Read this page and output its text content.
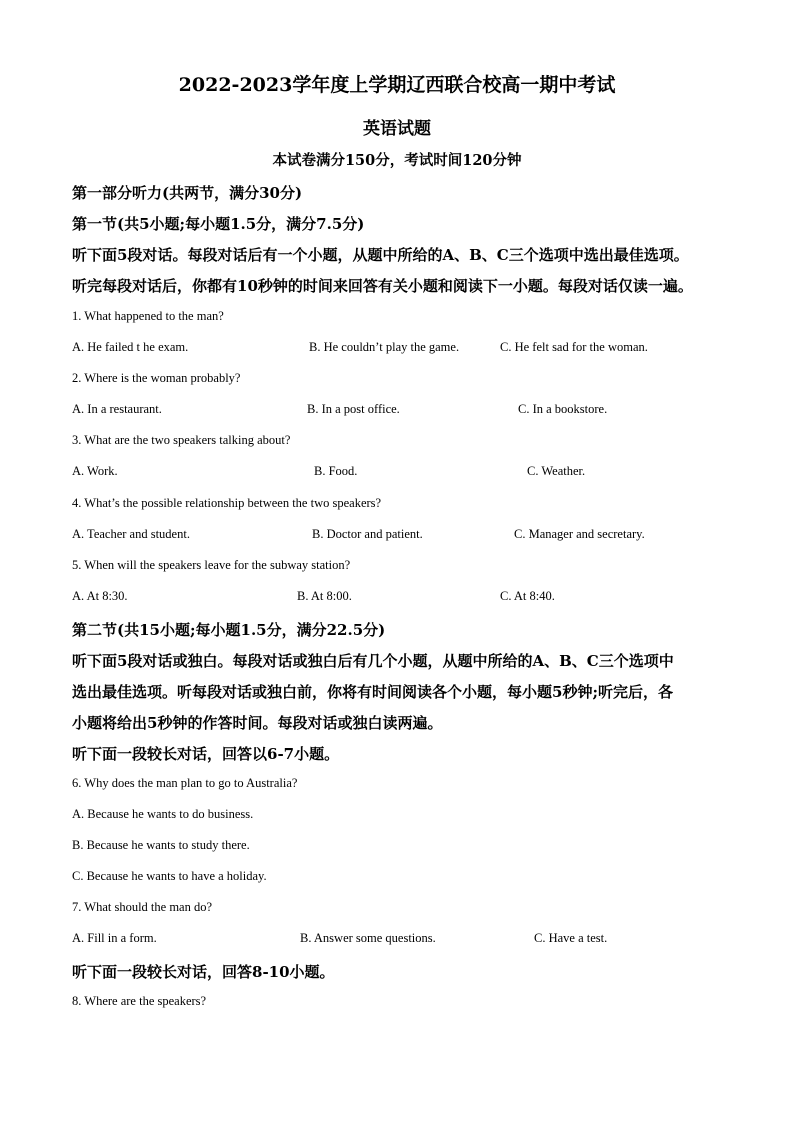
2022-2023学年度上学期辽西联合校高一期中考试
英语试题
本试卷满分150分，考试时间120分钟
第一部分听力(共两节，满分30分)
第一节(共5小题;每小题1.5分，满分7.5分)
听下面5段对话。每段对话后有一个小题，从题中所给的A、B、C三个选项中选出最佳选项。
听完每段对话后，你都有10秒钟的时间来回答有关小题和阅读下一小题。每段对话仅读一遍。
1. What happened to the man?
A. He failed t he exam.	B. He couldn’t play the game.	C. He felt sad for the woman.
2. Where is the woman probably?
A. In a restaurant.	B. In a post office.	C. In a bookstore.
3. What are the two speakers talking about?
A. Work.	B. Food.	C. Weather.
4. What’s the possible relationship between the two speakers?
A. Teacher and student.	B. Doctor and patient.	C. Manager and secretary.
5. When will the speakers leave for the subway station?
A. At 8:30.	B. At 8:00.	C. At 8:40.
第二节(共15小题;每小题1.5分，满分22.5分)
听下面5段对话或独白。每段对话或独白后有几个小题，从题中所给的A、B、C三个选项中
选出最佳选项。听每段对话或独白前，你将有时间阅读各个小题，每小题5秒钟;听完后，各
小题将给出5秒钟的作答时间。每段对话或独白读两遍。
听下面一段较长对话，回答以6-7小题。
6. Why does the man plan to go to Australia?
A. Because he wants to do business.
B. Because he wants to study there.
C. Because he wants to have a holiday.
7. What should the man do?
A. Fill in a form.	B. Answer some questions.	C. Have a test.
听下面一段较长对话，回答8-10小题。
8. Where are the speakers?
